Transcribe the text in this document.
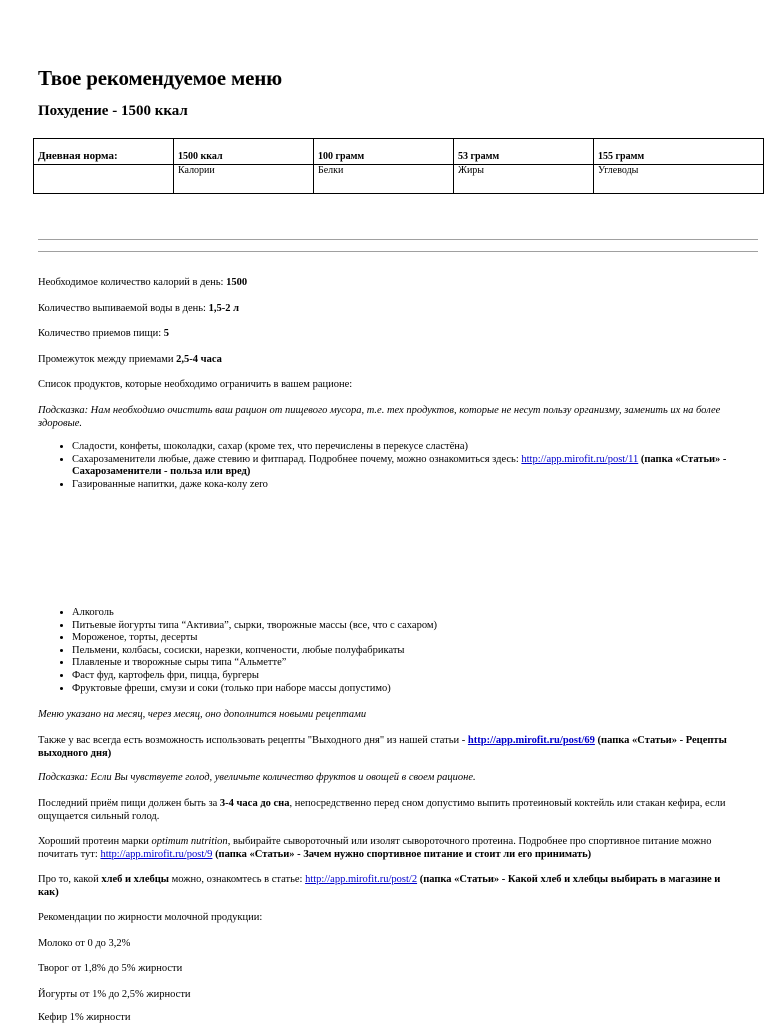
Твое рекомендуемое меню
Похудение - 1500 ккал
Дневная норма:	1500 ккал	100 грамм	53 грамм	155 грамм
	Калории	Белки	Жиры	Углеводы

Необходимое количество калорий в день: 1500

Количество выпиваемой воды в день: 1,5-2 л

Количество приемов пищи: 5

Промежуток между приемами 2,5-4 часа

Список продуктов, которые необходимо ограничить в вашем рационе:

Подсказка: Нам необходимо очистить ваш рацион от пищевого мусора, т.е. тех продуктов, которые не несут пользу организму, заменить их на более здоровые.

• Сладости, конфеты, шоколадки, сахар (кроме тех, что перечислены в перекусе сластёна)
• Сахарозаменители любые, даже стевию и фитпарад. Подробнее почему, можно ознакомиться здесь: http://app.mirofit.ru/post/11 (папка «Статьи» - Сахарозаменители - польза или вред)
• Газированные напитки, даже кока-колу zero
• Алкоголь
• Питьевые йогурты типа “Активиа”, сырки, творожные массы (все, что с сахаром)
• Мороженое, торты, десерты
• Пельмени, колбасы, сосиски, нарезки, копчености, любые полуфабрикаты
• Плавленые и творожные сыры типа “Альметте”
• Фаст фуд, картофель фри, пицца, бургеры
• Фруктовые фреши, смузи и соки (только при наборе массы допустимо)

Меню указано на месяц, через месяц, оно дополнится новыми рецептами

Также у вас всегда есть возможность использовать рецепты "Выходного дня" из нашей статьи - http://app.mirofit.ru/post/69 (папка «Статьи» - Рецепты выходного дня)

Подсказка: Если Вы чувствуете голод, увеличьте количество фруктов и овощей в своем рационе.

Последний приём пищи должен быть за 3-4 часа до сна, непосредственно перед сном допустимо выпить протеиновый коктейль или стакан кефира, если ощущается сильный голод.

Хороший протеин марки optimum nutrition, выбирайте сывороточный или изолят сывороточного протеина. Подробнее про спортивное питание можно почитать тут: http://app.mirofit.ru/post/9 (папка «Статьи» - Зачем нужно спортивное питание и стоит ли его принимать)

Про то, какой хлеб и хлебцы можно, ознакомтесь в статье: http://app.mirofit.ru/post/2 (папка «Статьи» - Какой хлеб и хлебцы выбирать в магазине и как)

Рекомендации по жирности молочной продукции:

Молоко от 0 до 3,2%

Творог от 1,8% до 5% жирности

Йогурты от 1% до 2,5% жирности

Кефир 1% жирности
